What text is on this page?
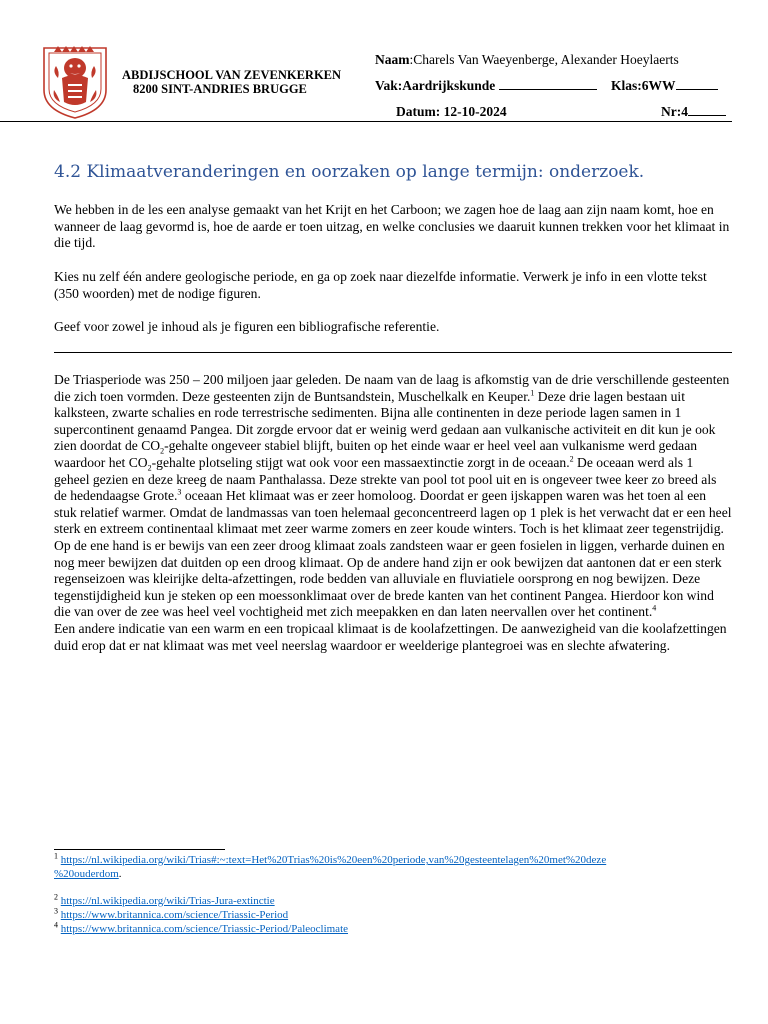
ABDIJSCHOOL VAN ZEVENKERKEN
8200 SINT-ANDRIES BRUGGE
Naam:Charels Van Waeyenberge, Alexander Hoeylaerts
Vak:Aardrijkskunde	Klas:6WW
Datum: 12-10-2024	Nr:4
4.2 Klimaatveranderingen en oorzaken op lange termijn: onderzoek.
We hebben in de les een analyse gemaakt van het Krijt en het Carboon; we zagen hoe de laag aan zijn naam komt, hoe en wanneer de laag gevormd is, hoe de aarde er toen uitzag, en welke conclusies we daaruit kunnen trekken voor het klimaat in die tijd.
Kies nu zelf één andere geologische periode, en ga op zoek naar diezelfde informatie. Verwerk je info in een vlotte tekst (350 woorden) met de nodige figuren.
Geef voor zowel je inhoud als je figuren een bibliografische referentie.
De Triasperiode was 250 – 200 miljoen jaar geleden. De naam van de laag is afkomstig van de drie verschillende gesteenten die zich toen vormden. Deze gesteenten zijn de Buntsandstein, Muschelkalk en Keuper.$^1$ Deze drie lagen bestaan uit kalksteen, zwarte schalies en rode terrestrische sedimenten. Bijna alle continenten in deze periode lagen samen in 1 supercontinent genaamd Pangea. Dit zorgde ervoor dat er weinig werd gedaan aan vulkanische activiteit en dit kun je ook zien doordat de $CO_2$-gehalte ongeveer stabiel blijft, buiten op het einde waar er heel veel aan vulkanisme werd gedaan waardoor het $CO_2$-gehalte plotseling stijgt wat ook voor een massaextinctie zorgt in de oceaan.$^2$ De oceaan werd als 1 geheel gezien en deze kreeg de naam Panthalassa. Deze strekte van pool tot pool uit en is ongeveer twee keer zo breed als de hedendaagse Grote.$^3$ oceaan Het klimaat was er zeer homoloog. Doordat er geen ijskappen waren was het toen al een stuk relatief warmer. Omdat de landmassas van toen helemaal geconcentreerd lagen op 1 plek is het verwacht dat er een heel sterk en extreem continentaal klimaat met zeer warme zomers en zeer koude winters. Toch is het klimaat zeer tegenstrijdig. Op de ene hand is er bewijs van een zeer droog klimaat zoals zandsteen waar er geen fosielen in liggen, verharde duinen en nog meer bewijzen dat duitden op een droog klimaat. Op de andere hand zijn er ook bewijzen dat aantonen dat er een sterk regenseizoen was kleirijke delta-afzettingen, rode bedden van alluviale en fluviatiele oorsprong en nog bewijzen. Deze tegenstijdigheid kun je steken op een moessonklimaat over de brede kanten van het continent Pangea. Hierdoor kon wind die van over de zee was heel veel vochtigheid met zich meepakken en dan laten neervallen over het continent.$^4$
Een andere indicatie van een warm en een tropicaal klimaat is de koolafzettingen. De aanwezigheid van die koolafzettingen duid erop dat er nat klimaat was met veel neerslag waardoor er weelderige plantegroei was en slechte afwatering.
$^1$ https://nl.wikipedia.org/wiki/Trias#:~:text=Het%20Trias%20is%20een%20periode,van%20gesteentelagen%20met%20deze
%20ouderdom.
$^2$ https://nl.wikipedia.org/wiki/Trias-Jura-extinctie
$^3$ https://www.britannica.com/science/Triassic-Period
$^4$ https://www.britannica.com/science/Triassic-Period/Paleoclimate
